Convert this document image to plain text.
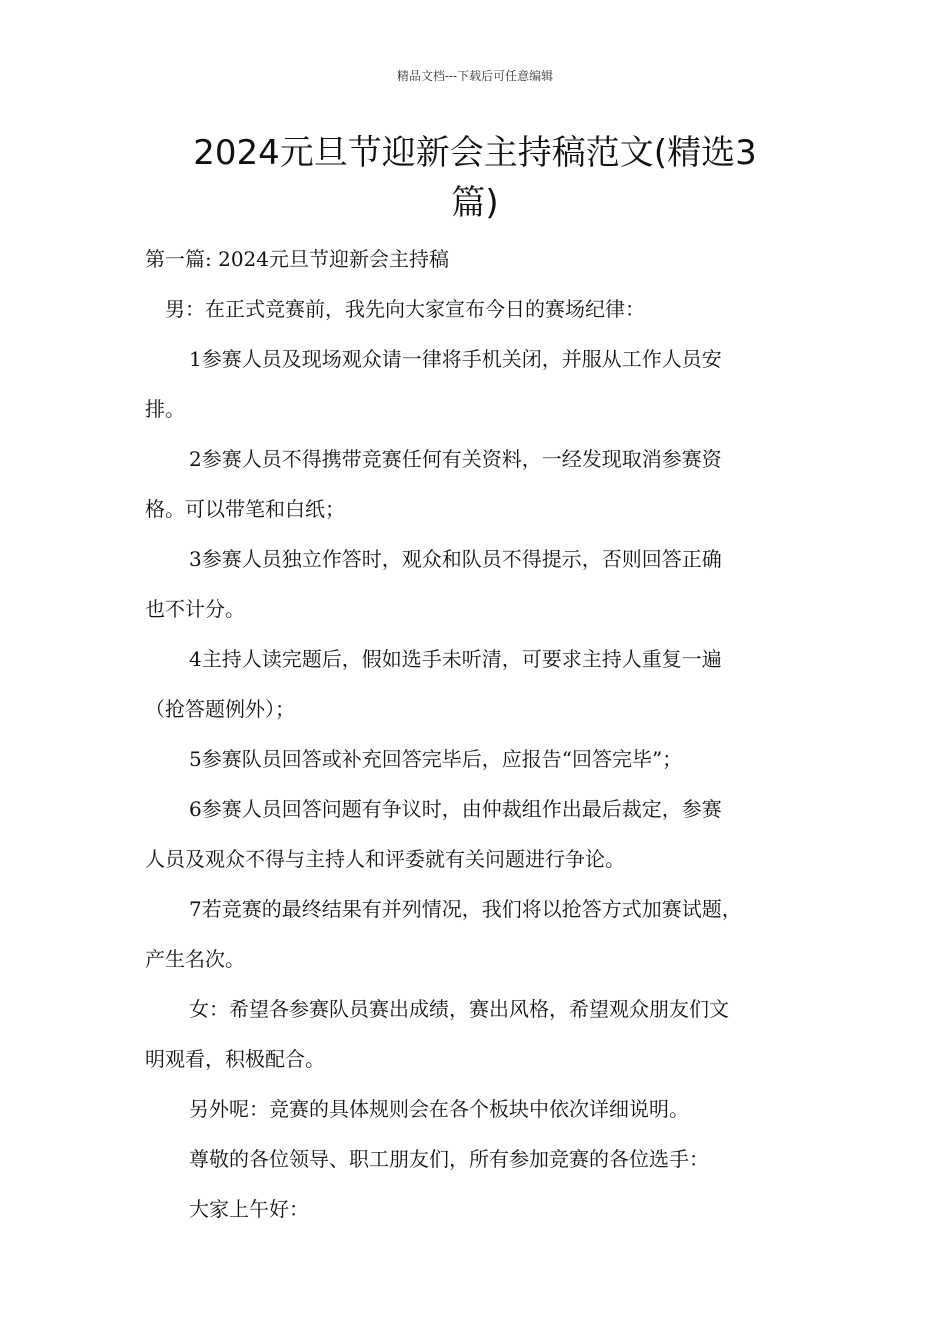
精品文档---下载后可任意编辑
2024元旦节迎新会主持稿范文(精选3
篇)
第一篇: 2024元旦节迎新会主持稿
男：在正式竞赛前，我先向大家宣布今日的赛场纪律：
1参赛人员及现场观众请一律将手机关闭，并服从工作人员安
排。
2参赛人员不得携带竞赛任何有关资料，一经发现取消参赛资
格。可以带笔和白纸；
3参赛人员独立作答时，观众和队员不得提示，否则回答正确
也不计分。
4主持人读完题后，假如选手未听清，可要求主持人重复一遍
（抢答题例外）；
5参赛队员回答或补充回答完毕后，应报告“回答完毕”；
6参赛人员回答问题有争议时，由仲裁组作出最后裁定，参赛
人员及观众不得与主持人和评委就有关问题进行争论。
7若竞赛的最终结果有并列情况，我们将以抢答方式加赛试题，
产生名次。
女：希望各参赛队员赛出成绩，赛出风格，希望观众朋友们文
明观看，积极配合。
另外呢：竞赛的具体规则会在各个板块中依次详细说明。
尊敬的各位领导、职工朋友们，所有参加竞赛的各位选手：
大家上午好：
